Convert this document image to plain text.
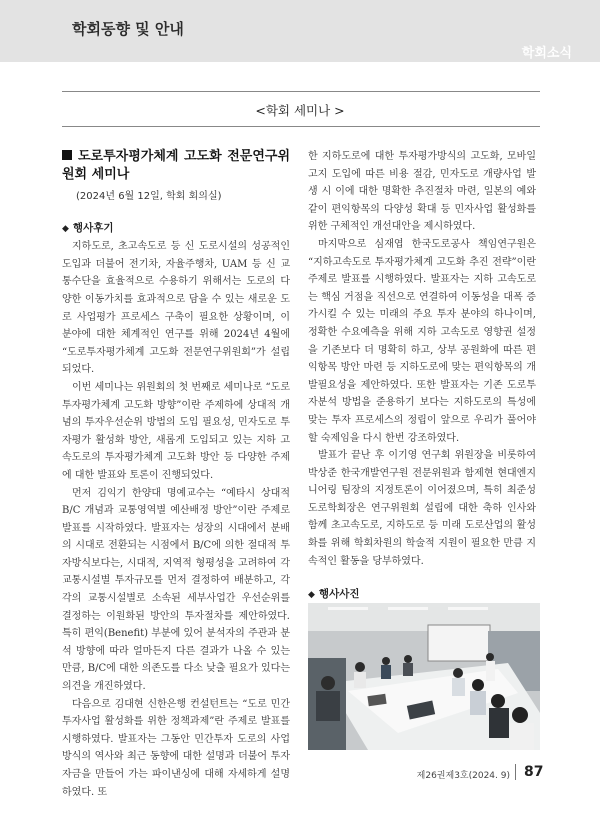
학회동향 및 안내
학회소식
<학회 세미나 >
도로투자평가체계 고도화 전문연구위원회 세미나
(2024년 6월 12일, 학회 회의실)

◆ 행사후기

지하도로, 초고속도로 등 신 도로시설의 성공적인 도입과 더불어 전기차, 자율주행차, UAM 등 신 교통수단을 효율적으로 수용하기 위해서는 도로의 다양한 이동가치를 효과적으로 담을 수 있는 새로운 도로 사업평가 프로세스 구축이 필요한 상황이며, 이 분야에 대한 체계적인 연구를 위해 2024년 4월에 “도로투자평가체계 고도화 전문연구위원회”가 설립되었다.

이번 세미나는 위원회의 첫 번째로 세미나로 “도로투자평가체계 고도화 방향”이란 주제하에 상대적 개념의 투자우선순위 방법의 도입 필요성, 민자도로 투자평가 활성화 방안, 새롭게 도입되고 있는 지하 고속도로의 투자평가체계 고도화 방안 등 다양한 주제에 대한 발표와 토론이 진행되었다.

먼저 김익기 한양대 명예교수는 “예타시 상대적 B/C 개념과 교통영역별 예산배정 방안”이란 주제로 발표를 시작하였다. 발표자는 성장의 시대에서 분배의 시대로 전환되는 시점에서 B/C에 의한 절대적 투자방식보다는, 시대적, 지역적 형평성을 고려하여 각 교통시설별 투자규모를 먼저 결정하여 배분하고, 각각의 교통시설별로 소속된 세부사업간 우선순위를 결정하는 이원화된 방안의 투자절차를 제안하였다. 특히 편익(Benefit) 부분에 있어 분석자의 주관과 분석 방향에 따라 얼마든지 다른 결과가 나올 수 있는 만큼, B/C에 대한 의존도를 다소 낮출 필요가 있다는 의견을 개진하였다.

다음으로 김대현 신한은행 컨설턴트는 “도로 민간투자사업 활성화를 위한 정책과제”란 주제로 발표를 시행하였다. 발표자는 그동안 민간투자 도로의 사업방식의 역사와 최근 동향에 대한 설명과 더불어 투자자금을 만들어 가는 파이낸싱에 대해 자세하게 설명하였다. 또

한 지하도로에 대한 투자평가방식의 고도화, 모바일 고지 도입에 따른 비용 절감, 민자도로 개량사업 발생 시 이에 대한 명확한 추진절차 마련, 일본의 예와 같이 편익항목의 다양성 확대 등 민자사업 활성화를 위한 구체적인 개선대안을 제시하였다.

마지막으로 심재엽 한국도로공사 책임연구원은 “지하고속도로 투자평가체계 고도화 추진 전략”이란 주제로 발표를 시행하였다. 발표자는 지하 고속도로는 핵심 거점을 직선으로 연결하여 이동성을 대폭 증가시킬 수 있는 미래의 주요 투자 분야의 하나이며, 정확한 수요예측을 위해 지하 고속도로 영향권 설정을 기존보다 더 명확히 하고, 상부 공원화에 따른 편익항목 방안 마련 등 지하도로에 맞는 편익항목의 개발필요성을 제안하였다. 또한 발표자는 기존 도로투자분석 방법을 준용하기 보다는 지하도로의 특성에 맞는 투자 프로세스의 정립이 앞으로 우리가 풀어야 할 숙제임을 다시 한번 강조하였다.

발표가 끝난 후 이기영 연구회 위원장을 비롯하여 박상준 한국개발연구원 전문위원과 함제현 현대엔지니어링 팀장의 지정토론이 이어졌으며, 특히 최준성 도로학회장은 연구위원회 설립에 대한 축하 인사와 함께 초고속도로, 지하도로 등 미래 도로산업의 활성화를 위해 학회차원의 학술적 지원이 필요한 만큼 지속적인 활동을 당부하였다.

◆ 행사사진

제26권제3호(2024. 9) 87
